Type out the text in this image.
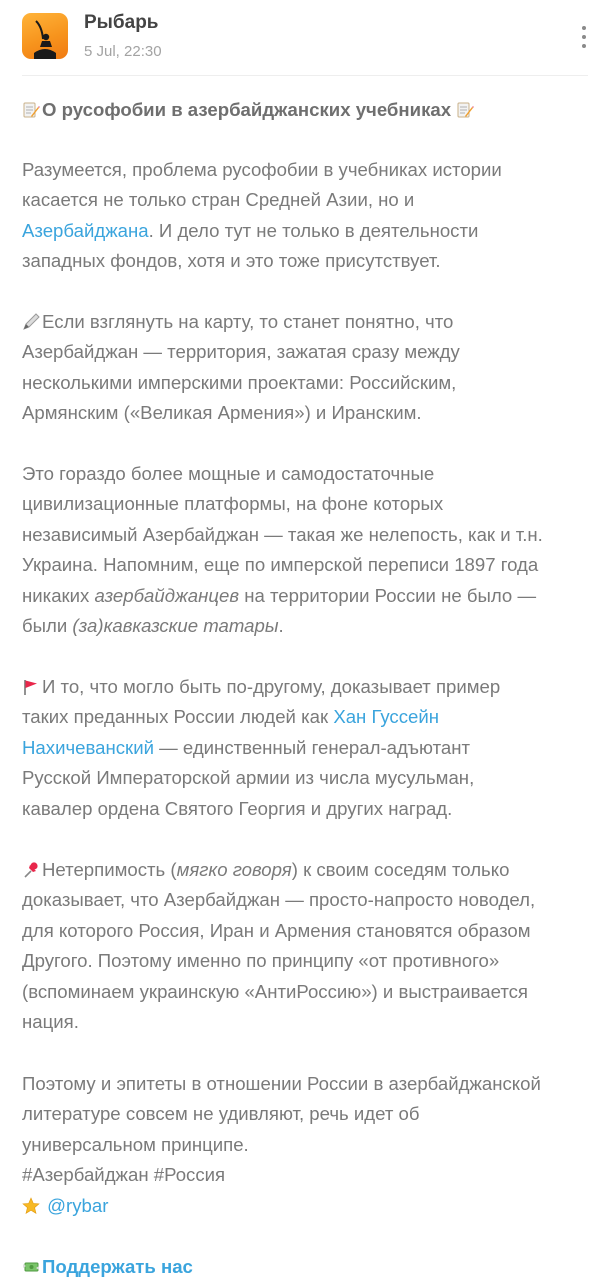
Рыбарь
5 Jul, 22:30
О русофобии в азербайджанских учебниках
Разумеется, проблема русофобии в учебниках истории
касается не только стран Средней Азии, но и
Азербайджана. И дело тут не только в деятельности
западных фондов, хотя и это тоже присутствует.
Если взглянуть на карту, то станет понятно, что
Азербайджан — территория, зажатая сразу между
несколькими имперскими проектами: Российским,
Армянским («Великая Армения») и Иранским.
Это гораздо более мощные и самодостаточные
цивилизационные платформы, на фоне которых
независимый Азербайджан — такая же нелепость, как и т.н.
Украина. Напомним, еще по имперской переписи 1897 года
никаких азербайджанцев на территории России не было —
были (за)кавказские татары.
И то, что могло быть по-другому, доказывает пример
таких преданных России людей как Хан Гуссейн
Нахичеванский — единственный генерал-адъютант
Русской Императорской армии из числа мусульман,
кавалер ордена Святого Георгия и других наград.
Нетерпимость (мягко говоря) к своим соседям только
доказывает, что Азербайджан — просто-напросто новодел,
для которого Россия, Иран и Армения становятся образом
Другого. Поэтому именно по принципу «от противного»
(вспоминаем украинскую «АнтиРоссию») и выстраивается
нация.
Поэтому и эпитеты в отношении России в азербайджанской
литературе совсем не удивляют, речь идет об
универсальном принципе.
#Азербайджан #Россия
@rybar
Поддержать нас
